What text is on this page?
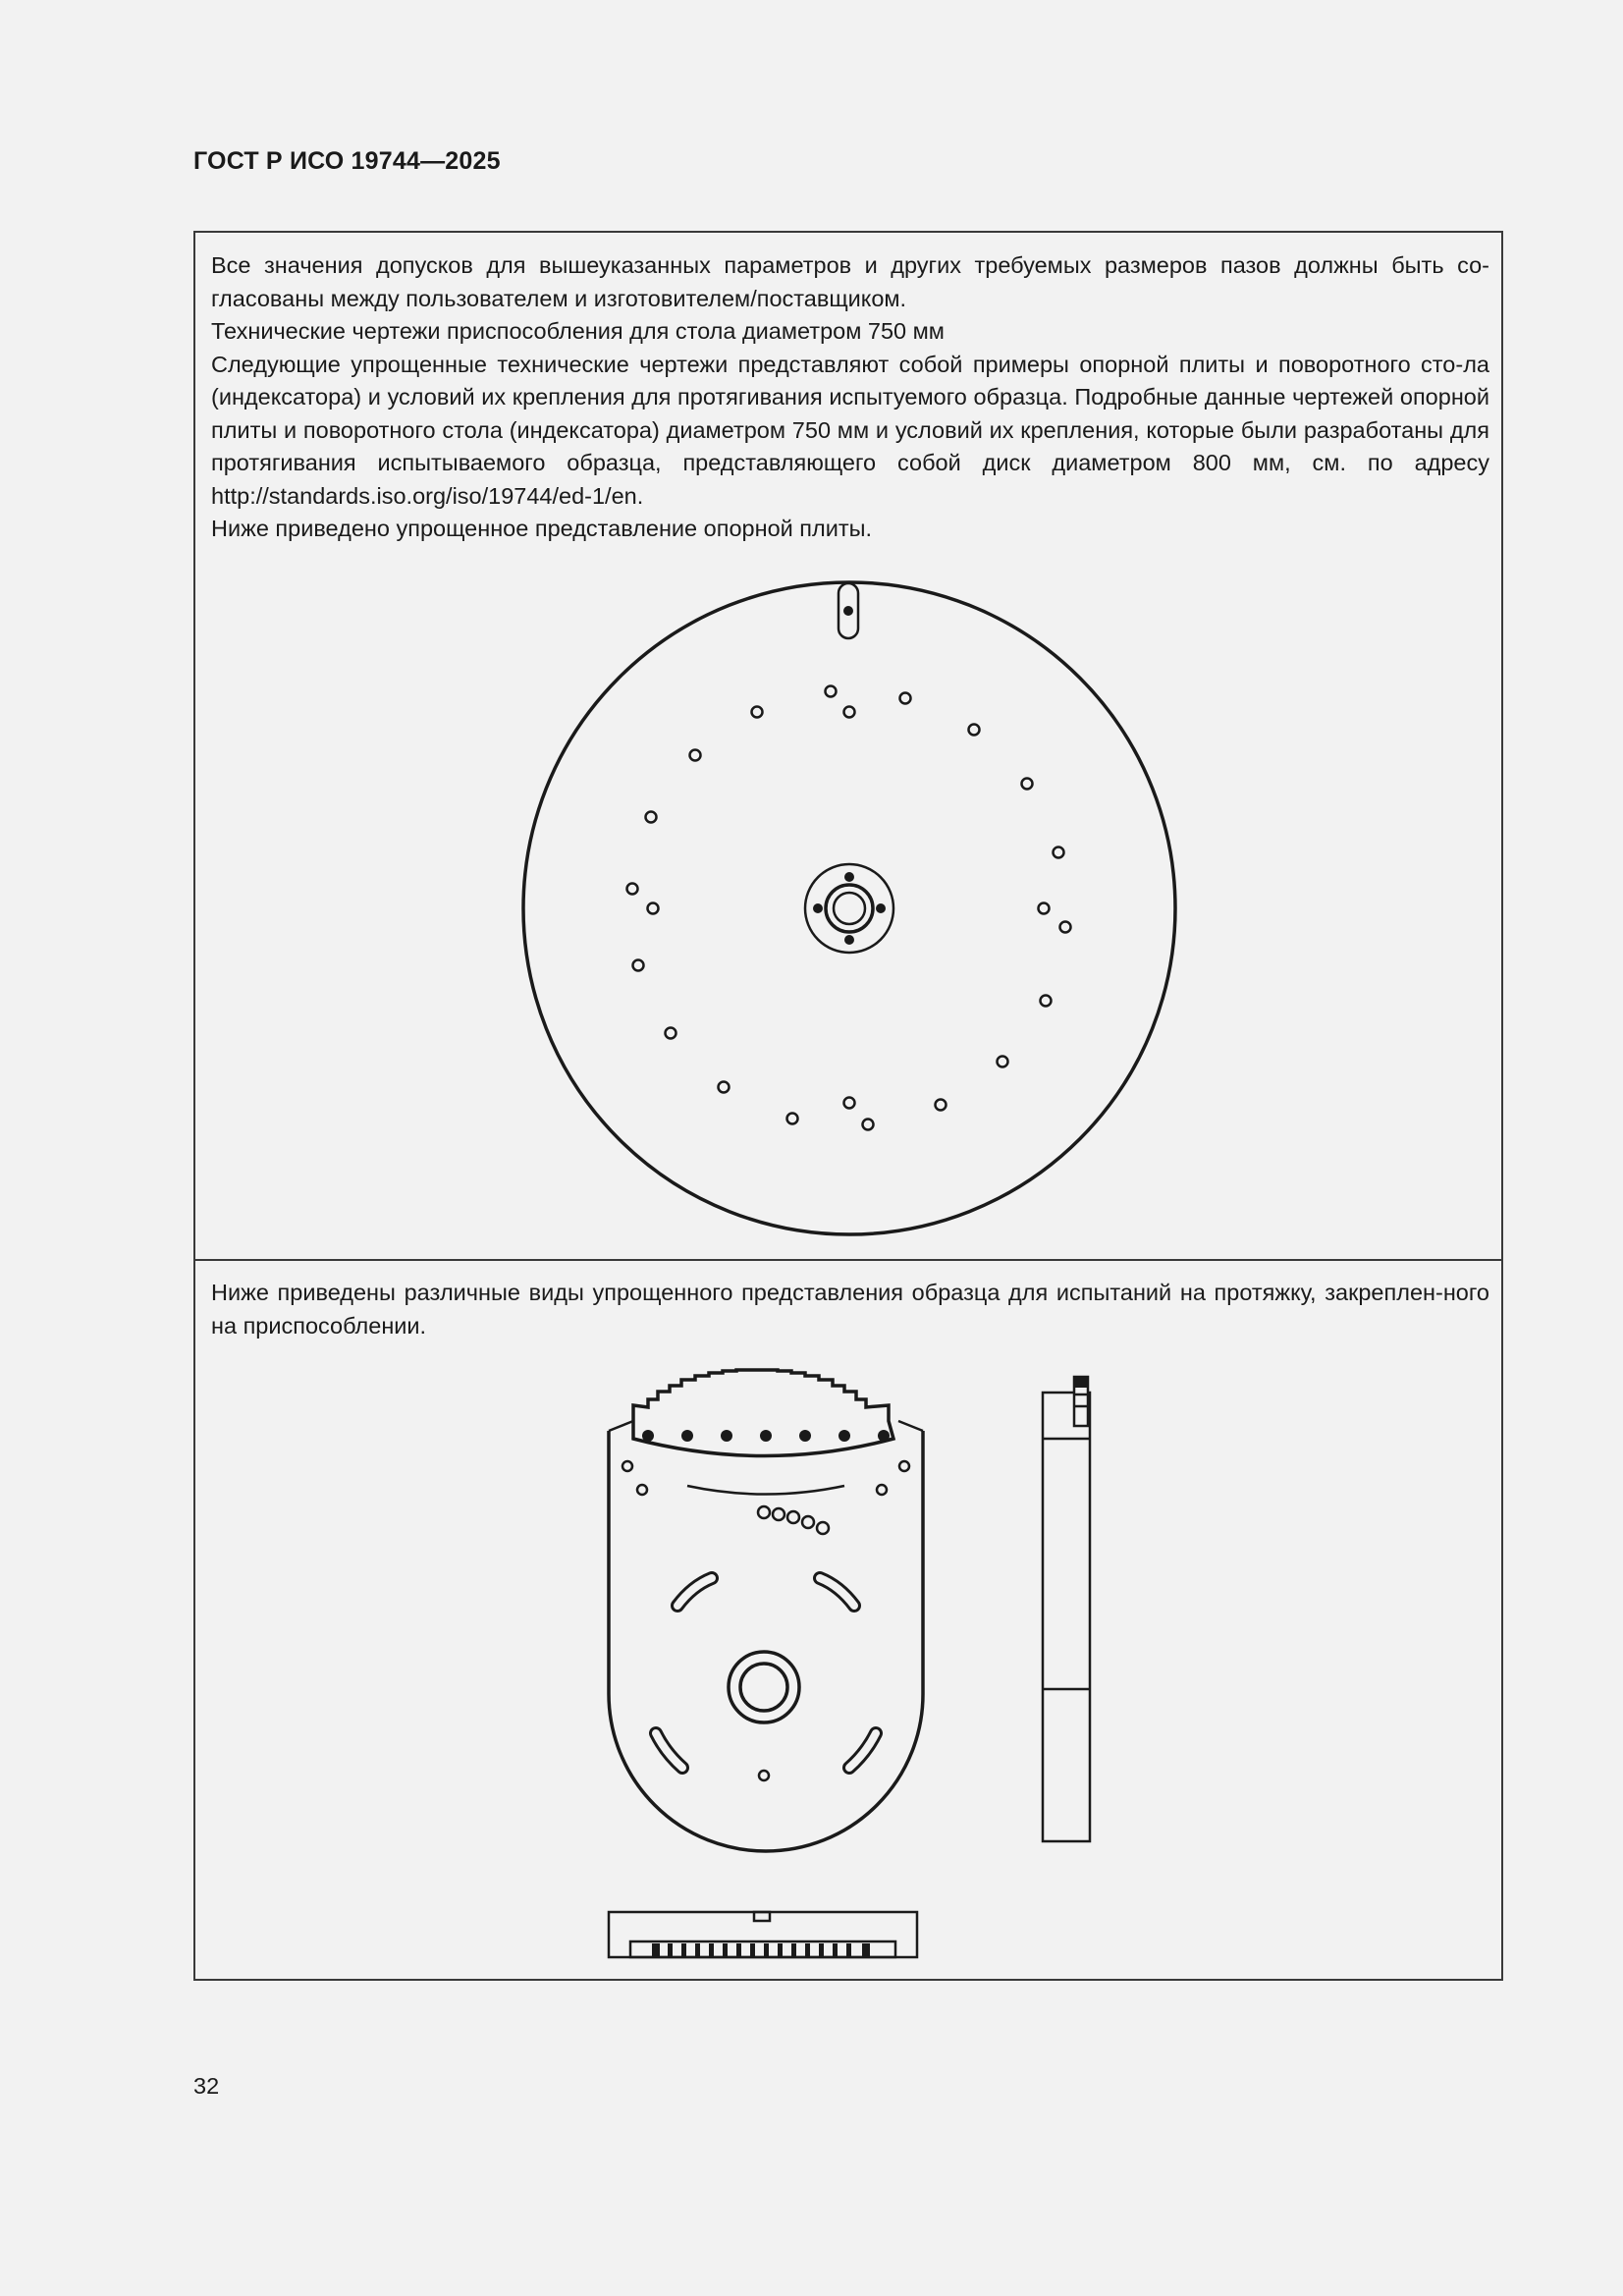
ГОСТ Р ИСО 19744—2025

Все значения допусков для вышеуказанных параметров и других требуемых размеров пазов должны быть со-гласованы между пользователем и изготовителем/поставщиком.

Технические чертежи приспособления для стола диаметром 750 мм

Следующие упрощенные технические чертежи представляют собой примеры опорной плиты и поворотного сто-ла (индексатора) и условий их крепления для протягивания испытуемого образца. Подробные данные чертежей опорной плиты и поворотного стола (индексатора) диаметром 750 мм и условий их крепления, которые были разработаны для протягивания испытываемого образца, представляющего собой диск диаметром 800 мм, см. по адресу http://standards.iso.org/iso/19744/ed-1/en.

Ниже приведено упрощенное представление опорной плиты.

Ниже приведены различные виды упрощенного представления образца для испытаний на протяжку, закреплен-ного на приспособлении.

32
